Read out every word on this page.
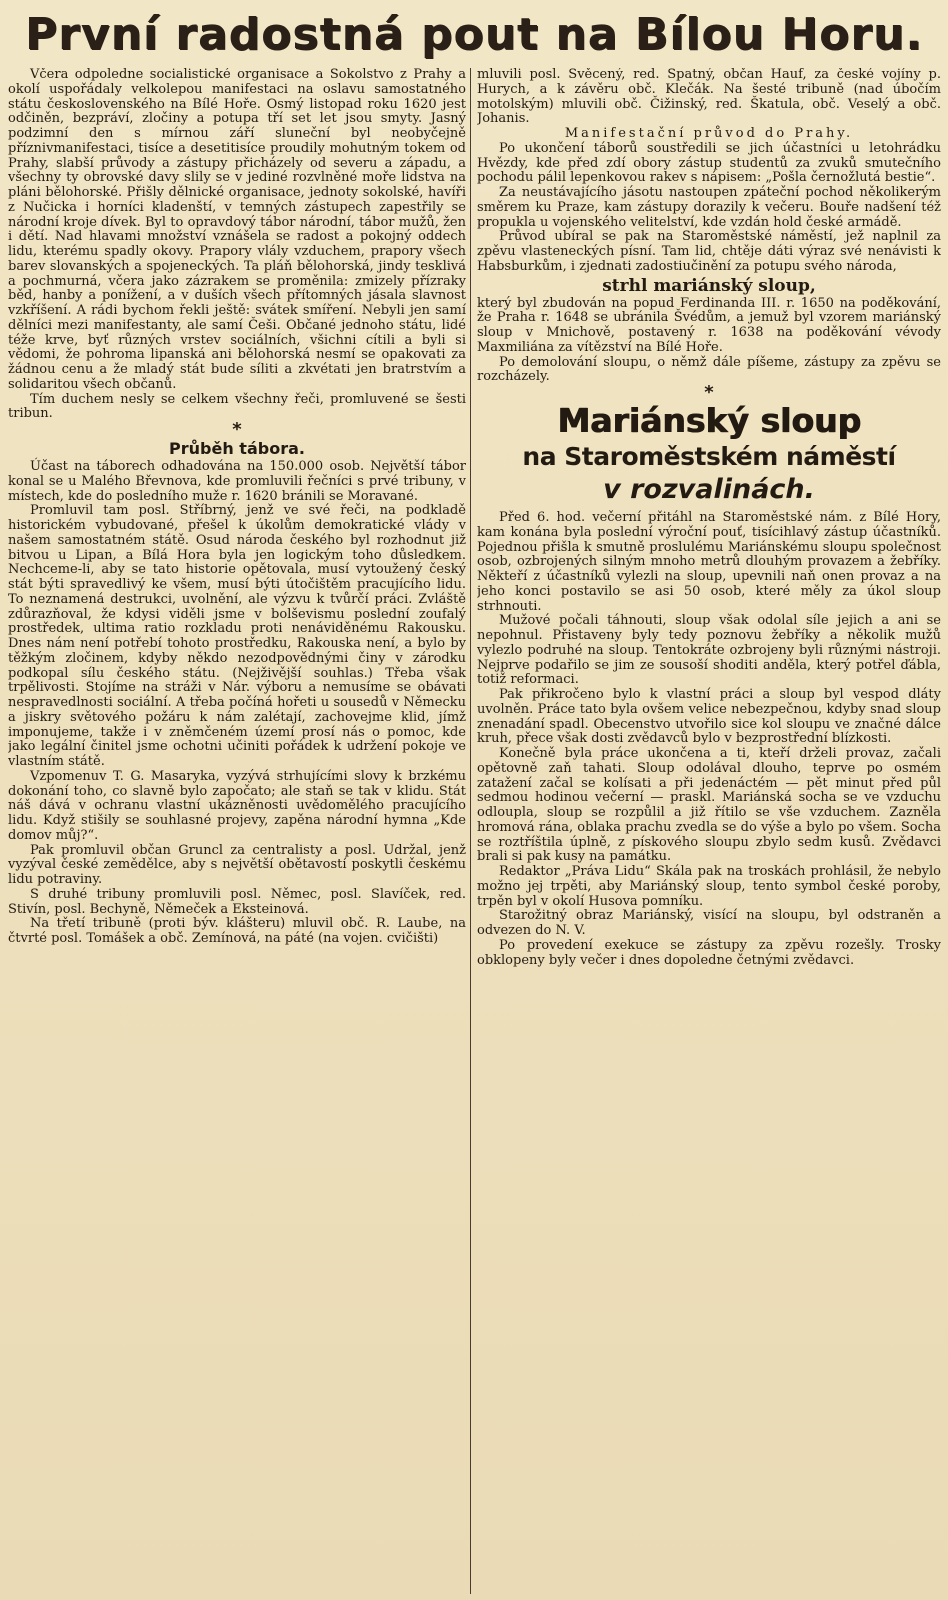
První radostná pout na Bílou Horu.

Včera odpoledne socialistické organisace a Sokolstvo z Prahy a okolí uspořádaly velkolepou manifestaci na oslavu samostatného státu československého na Bílé Hoře. Osmý listopad roku 1620 jest odčiněn, bezpráví, zločiny a potupa tří set let jsou smyty. Jasný podzimní den s mírnou září sluneční byl neobyčejně příznivmanifestaci, tisíce a desetitisíce proudily mohutným tokem od Prahy, slabší průvody a zástupy přicházely od severu a západu, a všechny ty obrovské davy slily se v jediné rozvlněné moře lidstva na pláni bělohorské. Přišly dělnické organisace, jednoty sokolské, havíři z Nučicka i horníci kladenští, v temných zástupech zapestřily se národní kroje dívek. Byl to opravdový tábor národní, tábor mužů, žen i dětí. Nad hlavami množství vznášela se radost a pokojný oddech lidu, kterému spadly okovy. Prapory vlály vzduchem, prapory všech barev slovanských a spojeneckých. Ta pláň bělohorská, jindy tesklivá a pochmurná, včera jako zázrakem se proměnila: zmizely přízraky běd, hanby a ponížení, a v duších všech přítomných jásala slavnost vzkříšení. A rádi bychom řekli ještě: svátek smíření. Nebyli jen samí dělníci mezi manifestanty, ale samí Češi. Občané jednoho státu, lidé téže krve, byť různých vrstev sociálních, všichni cítili a byli si vědomi, že pohroma lipanská ani bělohorská nesmí se opakovati za žádnou cenu a že mladý stát bude síliti a zkvétati jen bratrstvím a solidaritou všech občanů.

Tím duchem nesly se celkem všechny řeči, promluvené se šesti tribun.

*
Průběh tábora.

Účast na táborech odhadována na 150.000 osob. Největší tábor konal se u Malého Břevnova, kde promluvili řečníci s prvé tribuny, v místech, kde do posledního muže r. 1620 bránili se Moravané.

Promluvil tam posl. Stříbrný, jenž ve své řeči, na podkladě historickém vybudované, přešel k úkolům demokratické vlády v našem samostatném státě. Osud národa českého byl rozhodnut již bitvou u Lipan, a Bílá Hora byla jen logickým toho důsledkem. Nechceme-li, aby se tato historie opětovala, musí vytoužený český stát býti spravedlivý ke všem, musí býti útočištěm pracujícího lidu. To neznamená destrukci, uvolnění, ale výzvu k tvůrčí práci. Zvláště zdůrazňoval, že kdysi viděli jsme v bolševismu poslední zoufalý prostředek, ultima ratio rozkladu proti nenáviděnému Rakousku. Dnes nám není potřebí tohoto prostředku, Rakouska není, a bylo by těžkým zločinem, kdyby někdo nezodpovědnými činy v zárodku podkopal sílu českého státu. (Nejživější souhlas.) Třeba však trpělivosti. Stojíme na stráži v Nár. výboru a nemusíme se obávati nespravedlnosti sociální. A třeba počíná hořeti u sousedů v Německu a jiskry světového požáru k nám zalétají, zachovejme klid, jímž imponujeme, takže i v zněmčeném území prosí nás o pomoc, kde jako legální činitel jsme ochotni učiniti pořádek k udržení pokoje ve vlastním státě.

Vzpomenuv T. G. Masaryka, vyzývá strhujícími slovy k brzkému dokonání toho, co slavně bylo započato; ale staň se tak v klidu. Stát náš dává v ochranu vlastní ukázněnosti uvědomělého pracujícího lidu. Když stišily se souhlasné projevy, zapěna národní hymna „Kde domov můj?“.

Pak promluvil občan Gruncl za centralisty a posl. Udržal, jenž vyzýval české zemědělce, aby s největší obětavostí poskytli českému lidu potraviny.

S druhé tribuny promluvili posl. Němec, posl. Slavíček, red. Stivín, posl. Bechyně, Němeček a Eksteinová.

Na třetí tribuně (proti býv. klášteru) mluvil obč. R. Laube, na čtvrté posl. Tomášek a obč. Zemínová, na páté (na vojen. cvičišti)

mluvili posl. Svěcený, red. Špatný, občan Hauf, za české vojíny p. Hurych, a k závěru obč. Klečák. Na šesté tribuně (nad úbočím motolským) mluvili obč. Čižinský, red. Škatula, obč. Veselý a obč. Johanis.

Manifestační průvod do Prahy.

Po ukončení táborů soustředili se jich účastníci u letohrádku Hvězdy, kde před zdí obory zástup studentů za zvuků smutečního pochodu pálil lepenkovou rakev s nápisem: „Pošla černožlutá bestie“.

Za neustávajícího jásotu nastoupen zpáteční pochod několikerým směrem ku Praze, kam zástupy dorazily k večeru. Bouře nadšení též propukla u vojenského velitelství, kde vzdán hold české armádě.

Průvod ubíral se pak na Staroměstské náměstí, jež naplnil za zpěvu vlasteneckých písní. Tam lid, chtěje dáti výraz své nenávisti k Habsburkům, i zjednati zadostiučinění za potupu svého národa,

strhl mariánský sloup,

který byl zbudován na popud Ferdinanda III. r. 1650 na poděkování, že Praha r. 1648 se ubránila Švédům, a jemuž byl vzorem mariánský sloup v Mnichově, postavený r. 1638 na poděkování vévody Maxmiliána za vítězství na Bílé Hoře.

Po demolování sloupu, o němž dále píšeme, zástupy za zpěvu se rozcházely.

*
Mariánský sloup
na Staroměstském náměstí
v rozvalinách.

Před 6. hod. večerní přitáhl na Staroměstské nám. z Bílé Hory, kam konána byla poslední výroční pouť, tisícihlavý zástup účastníků. Pojednou přišla k smutně proslulému Mariánskému sloupu společnost osob, ozbrojených silným mnoho metrů dlouhým provazem a žebříky. Někteří z účastníků vylezli na sloup, upevnili naň onen provaz a na jeho konci postavilo se asi 50 osob, které měly za úkol sloup strhnouti.

Mužové počali táhnouti, sloup však odolal síle jejich a ani se nepohnul. Přistaveny byly tedy poznovu žebříky a několik mužů vylezlo podruhé na sloup. Tentokráte ozbrojeny byli různými nástroji. Nejprve podařilo se jim ze sousoší shoditi anděla, který potřel ďábla, totiž reformaci.

Pak přikročeno bylo k vlastní práci a sloup byl vespod dláty uvolněn. Práce tato byla ovšem velice nebezpečnou, kdyby snad sloup znenadání spadl. Obecenstvo utvořilo sice kol sloupu ve značné dálce kruh, přece však dosti zvědavců bylo v bezprostřední blízkosti.

Konečně byla práce ukončena a ti, kteří drželi provaz, začali opětovně zaň tahati. Sloup odolával dlouho, teprve po osmém zatažení začal se kolísati a při jedenáctém — pět minut před půl sedmou hodinou večerní — praskl. Mariánská socha se ve vzduchu odloupla, sloup se rozpůlil a již řítilo se vše vzduchem. Zazněla hromová rána, oblaka prachu zvedla se do výše a bylo po všem. Socha se roztříštila úplně, z pískového sloupu zbylo sedm kusů. Zvědavci brali si pak kusy na památku.

Redaktor „Práva Lidu“ Skála pak na troskách prohlásil, že nebylo možno jej trpěti, aby Mariánský sloup, tento symbol české poroby, trpěn byl v okolí Husova pomníku.

Starožitný obraz Mariánský, visící na sloupu, byl odstraněn a odvezen do N. V.

Po provedení exekuce se zástupy za zpěvu rozešly. Trosky obklopeny byly večer i dnes dopoledne četnými zvědavci.
